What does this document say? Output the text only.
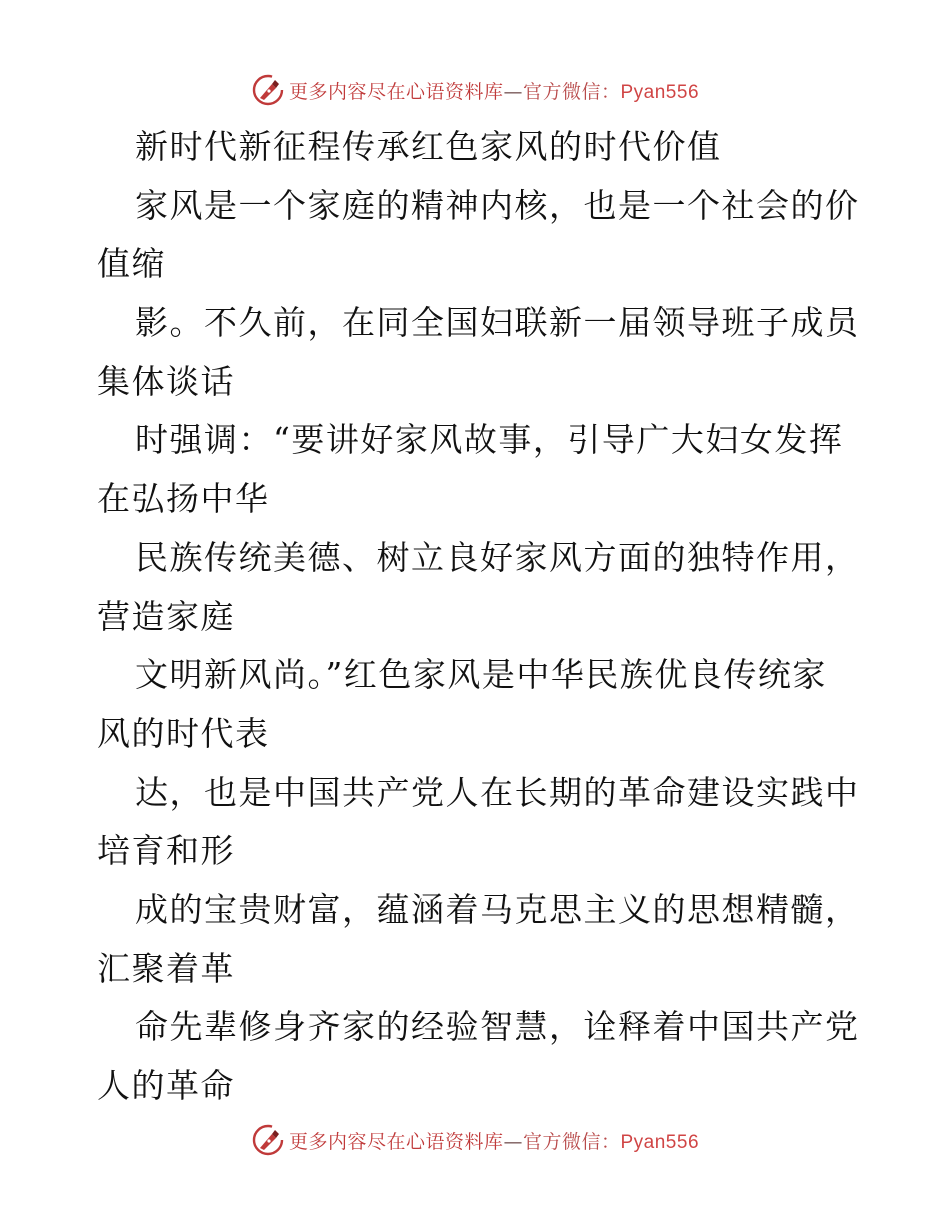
更多内容尽在心语资料库—官方微信：Pyan556
新时代新征程传承红色家风的时代价值
家风是一个家庭的精神内核，也是一个社会的价
值缩
影。不久前，在同全国妇联新一届领导班子成员
集体谈话
时强调：“要讲好家风故事，引导广大妇女发挥
在弘扬中华
民族传统美德、树立良好家风方面的独特作用，
营造家庭
文明新风尚。”红色家风是中华民族优良传统家
风的时代表
达，也是中国共产党人在长期的革命建设实践中
培育和形
成的宝贵财富，蕴涵着马克思主义的思想精髓，
汇聚着革
命先辈修身齐家的经验智慧，诠释着中国共产党
人的革命
更多内容尽在心语资料库—官方微信：Pyan556
